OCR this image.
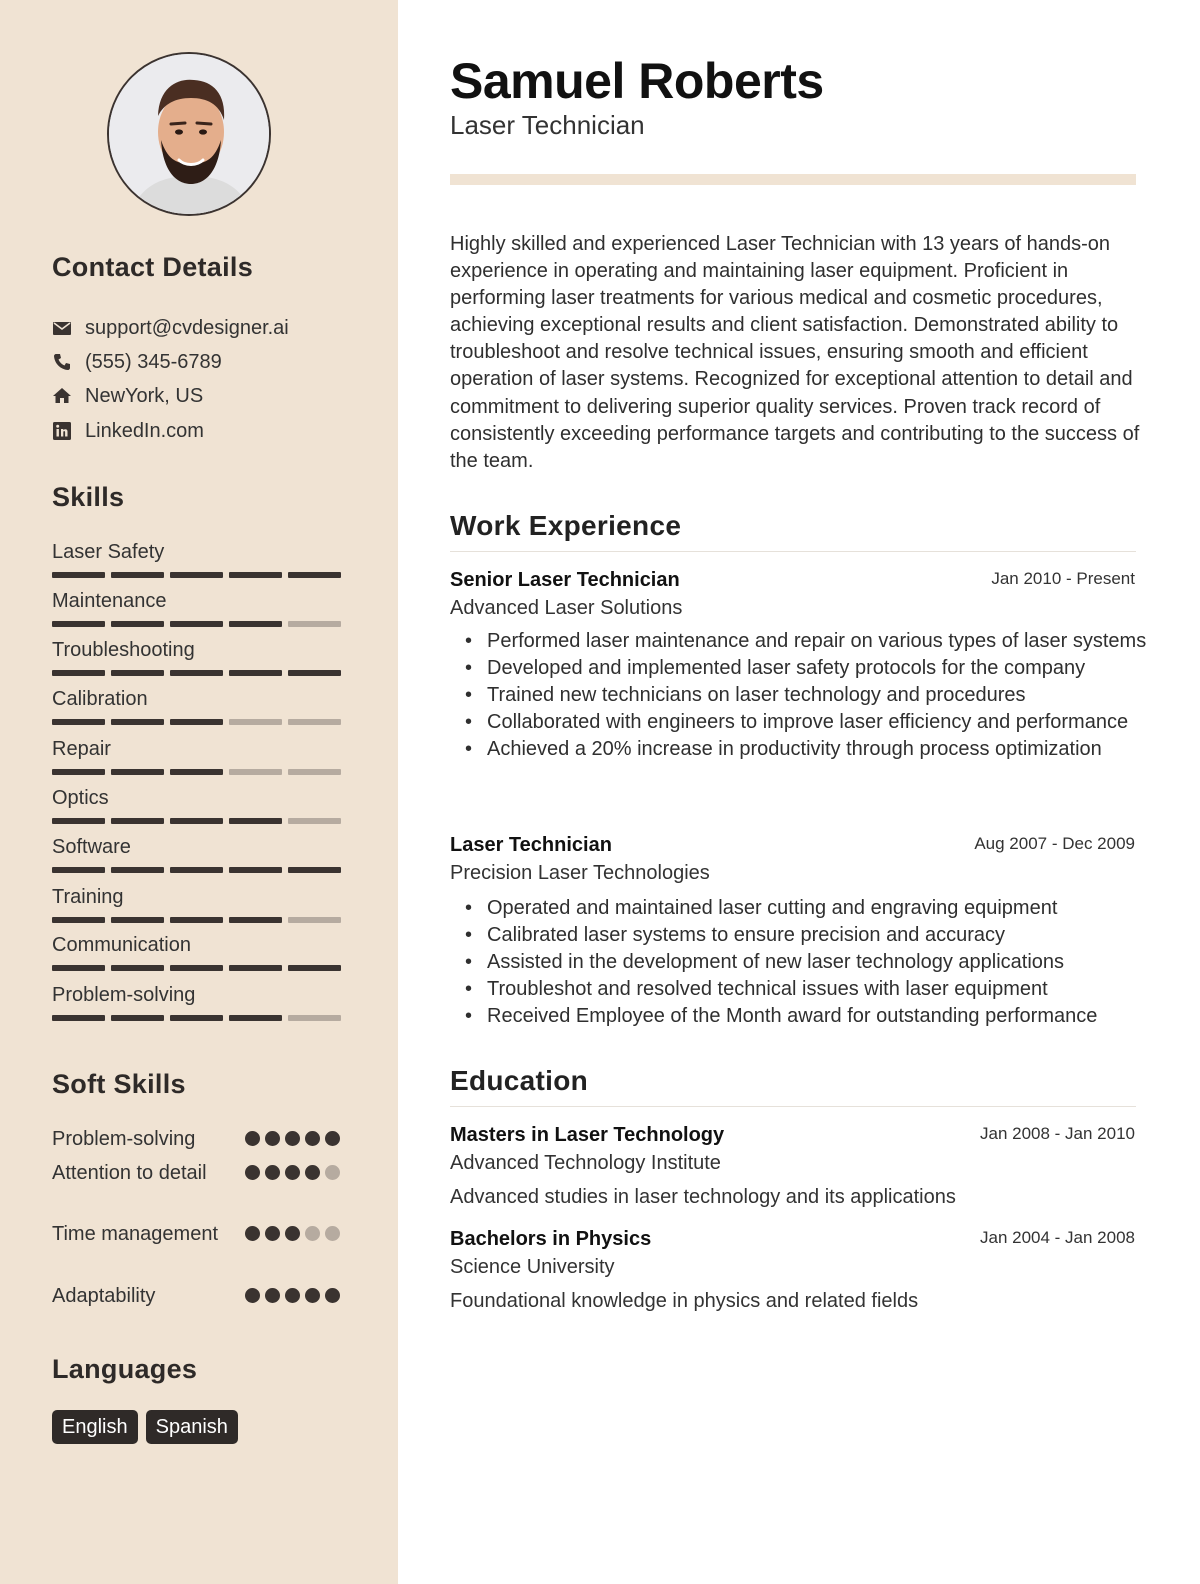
Contact Details
support@cvdesigner.ai
(555) 345-6789
NewYork, US
LinkedIn.com
Skills
Laser Safety
Maintenance
Troubleshooting
Calibration
Repair
Optics
Software
Training
Communication
Problem-solving
Soft Skills
Problem-solving
Attention to detail
Time management
Adaptability
Languages
English	Spanish
Samuel Roberts
Laser Technician
Highly skilled and experienced Laser Technician with 13 years of hands-on experience in operating and maintaining laser equipment. Proficient in performing laser treatments for various medical and cosmetic procedures, achieving exceptional results and client satisfaction. Demonstrated ability to troubleshoot and resolve technical issues, ensuring smooth and efficient operation of laser systems. Recognized for exceptional attention to detail and commitment to delivering superior quality services. Proven track record of consistently exceeding performance targets and contributing to the success of the team.
Work Experience
Senior Laser Technician	Jan 2010 - Present
Advanced Laser Solutions
• Performed laser maintenance and repair on various types of laser systems
• Developed and implemented laser safety protocols for the company
• Trained new technicians on laser technology and procedures
• Collaborated with engineers to improve laser efficiency and performance
• Achieved a 20% increase in productivity through process optimization
Laser Technician	Aug 2007 - Dec 2009
Precision Laser Technologies
• Operated and maintained laser cutting and engraving equipment
• Calibrated laser systems to ensure precision and accuracy
• Assisted in the development of new laser technology applications
• Troubleshot and resolved technical issues with laser equipment
• Received Employee of the Month award for outstanding performance
Education
Masters in Laser Technology	Jan 2008 - Jan 2010
Advanced Technology Institute
Advanced studies in laser technology and its applications
Bachelors in Physics	Jan 2004 - Jan 2008
Science University
Foundational knowledge in physics and related fields
